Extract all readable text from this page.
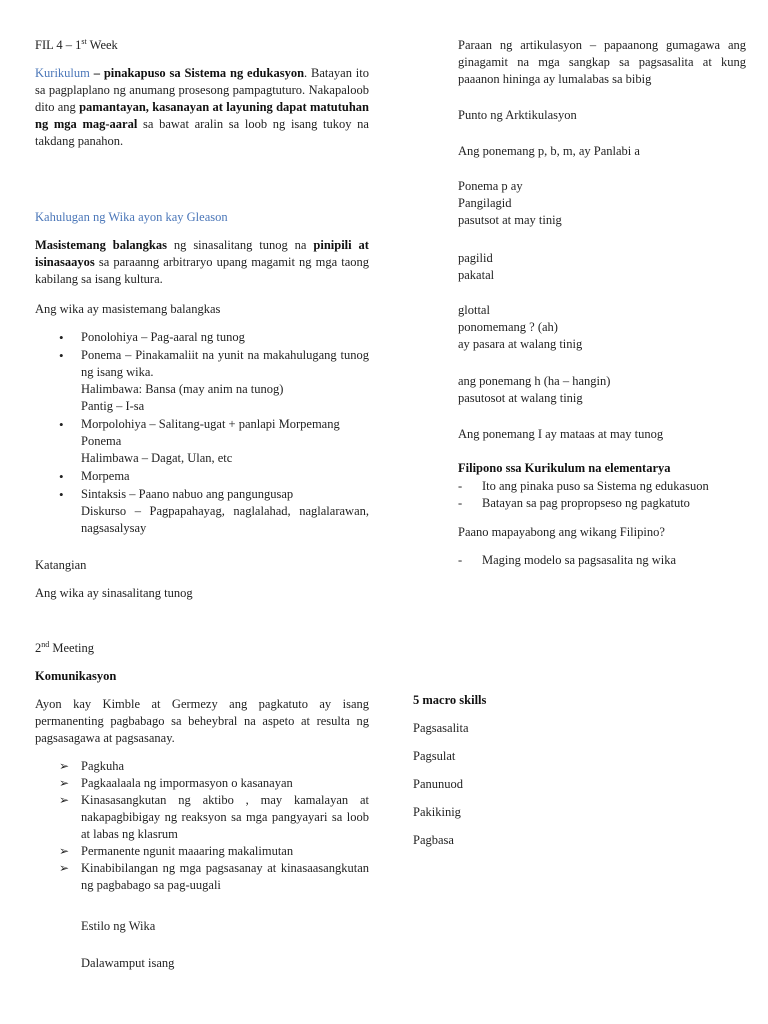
FIL 4 – 1st Week
Kurikulum – pinakapuso sa Sistema ng edukasyon. Batayan ito sa pagplaplano ng anumang prosesong pampagtuturo. Nakapaloob dito ang pamantayan, kasanayan at layuning dapat matutuhan ng mga mag-aaral sa bawat aralin sa loob ng isang tukoy na takdang panahon.
Kahulugan ng Wika ayon kay Gleason
Masistemang balangkas ng sinasalitang tunog na pinipili at isinasaayos sa paraanng arbitraryo upang magamit ng mga taong kabilang sa isang kultura.
Ang wika ay masistemang balangkas
• Ponolohiya – Pag-aaral ng tunog
• Ponema – Pinakamaliit na yunit na makahulugang tunog ng isang wika.
Halimbawa: Bansa (may anim na tunog)
Pantig – I-sa
• Morpolohiya – Salitang-ugat + panlapi Morpemang Ponema
Halimbawa – Dagat, Ulan, etc
• Morpema
• Sintaksis – Paano nabuo ang pangungusap
Diskurso – Pagpapahayag, naglalahad, naglalarawan, nagsasalysay
Katangian
Ang wika ay sinasalitang tunog
2nd Meeting
Komunikasyon
Ayon kay Kimble at Germezy ang pagkatuto ay isang permanenting pagbabago sa beheybral na aspeto at resulta ng pagsasagawa at pagsasanay.
➢ Pagkuha
➢ Pagkaalaala ng impormasyon o kasanayan
➢ Kinasasangkutan ng aktibo , may kamalayan at nakapagbibigay ng reaksyon sa mga pangyayari sa loob at labas ng klasrum
➢ Permanente ngunit maaaring makalimutan
➢ Kinabibilangan ng mga pagsasanay at kinasaasangkutan ng pagbabago sa pag-uugali
Estilo ng Wika
Dalawamput isang
Paraan ng artikulasyon – papaanong gumagawa ang ginagamit na mga sangkap sa pagsasalita at kung paaanon hininga ay lumalabas sa bibig
Punto ng Arktikulasyon
Ang ponemang p, b, m, ay Panlabi a
Ponema p ay
Pangilagid
pasutsot at may tinig
pagilid
pakatal
glottal
ponomemang ? (ah)
ay pasara at walang tinig
ang ponemang h (ha – hangin)
pasutosot at walang tinig
Ang ponemang I ay mataas at may tunog
Filipono ssa Kurikulum na elementarya
- Ito ang pinaka puso sa Sistema ng edukasuon
- Batayan sa pag propropseso ng pagkatuto
Paano mapayabong ang wikang Filipino?
- Maging modelo sa pagsasalita ng wika
5 macro skills
Pagsasalita
Pagsulat
Panunuod
Pakikinig
Pagbasa
